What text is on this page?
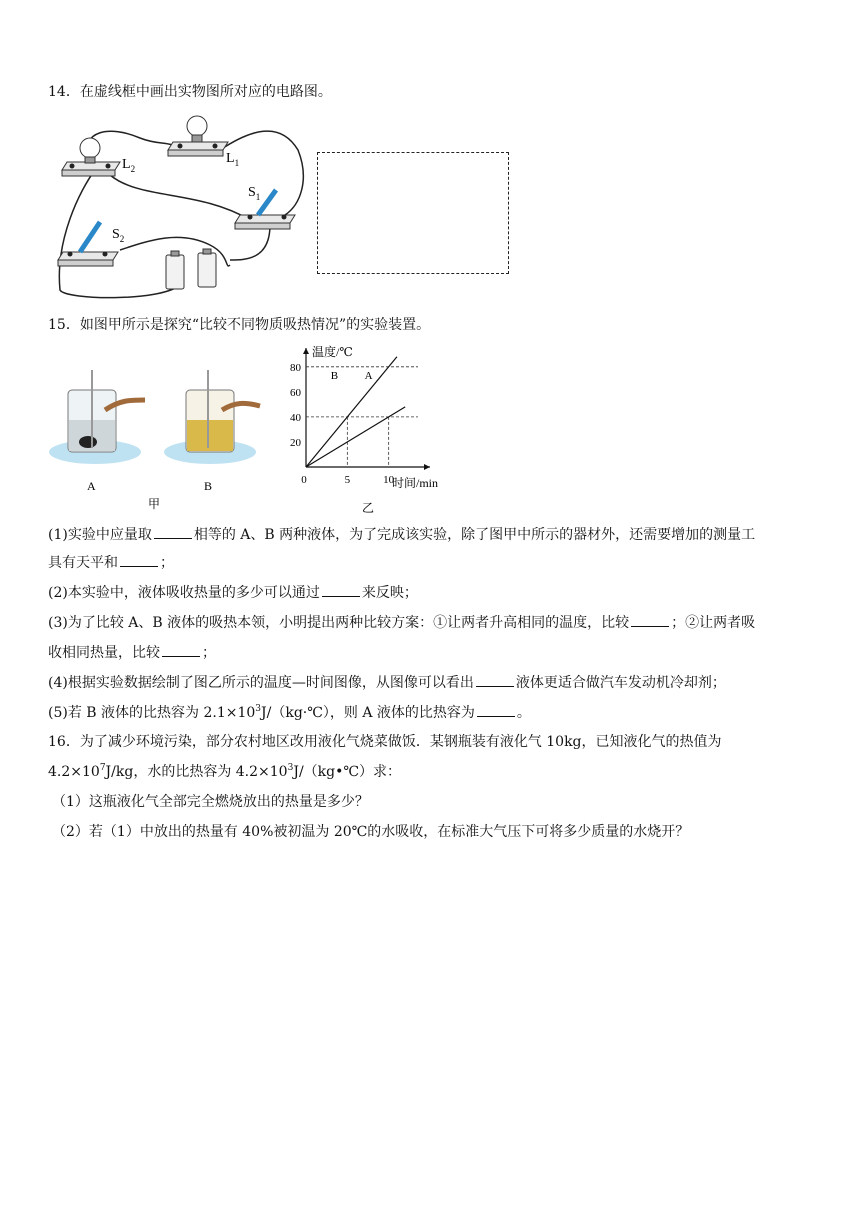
14．在虚线框中画出实物图所对应的电路图。
$L_2$
$L_1$
$S_1$
$S_2$
15．如图甲所示是探究“比较不同物质吸热情况”的实验装置。
A	B
甲
20
40
60
80
0	5	10
B A
温度/℃
时间/min
乙
(1)实验中应量取	相等的 A、B 两种液体，为了完成该实验，除了图甲中所示的器材外，还需要增加的测量工
具有天平和	；
(2)本实验中，液体吸收热量的多少可以通过	来反映；
(3)为了比较 A、B 液体的吸热本领，小明提出两种比较方案：①让两者升高相同的温度，比较	；②让两者吸
收相同热量，比较	；
(4)根据实验数据绘制了图乙所示的温度—时间图像，从图像可以看出	液体更适合做汽车发动机冷却剂；
(5)若 B 液体的比热容为 $2.1\times 10^3J/(kg\cdot℃)$，则 A 液体的比热容为	。
16．为了减少环境污染，部分农村地区改用液化气烧菜做饭．某钢瓶装有液化气 10kg，已知液化气的热值为
$4.2\times 10^7J/kg$，水的比热容为 $4.2\times 10^3J/(kg•℃)$求：
（1）这瓶液化气全部完全燃烧放出的热量是多少？
（2）若（1）中放出的热量有 40%被初温为 20℃的水吸收，在标准大气压下可将多少质量的水烧开？
